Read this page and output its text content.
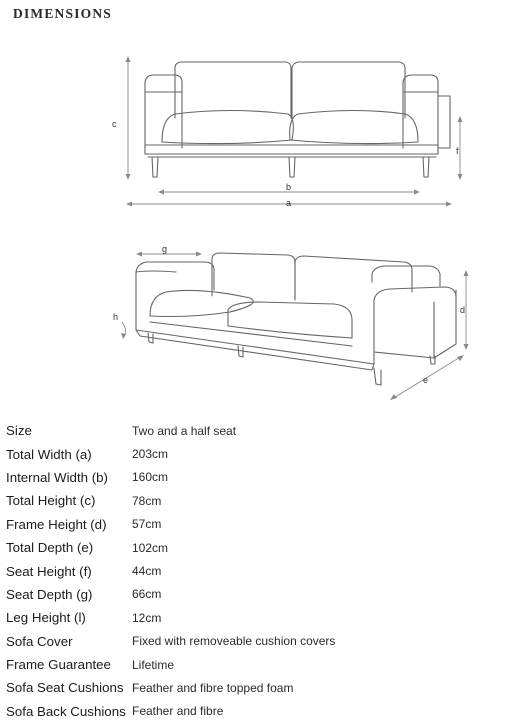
DIMENSIONS
c
f
b
a
g
d
e
h
Size	Two and a half seat
Total Width (a)	203cm
Internal Width (b)	160cm
Total Height (c)	78cm
Frame Height (d)	57cm
Total Depth (e)	102cm
Seat Height (f)	44cm
Seat Depth (g)	66cm
Leg Height (l)	12cm
Sofa Cover	Fixed with removeable cushion covers
Frame Guarantee	Lifetime
Sofa Seat Cushions	Feather and fibre topped foam
Sofa Back Cushions	Feather and fibre
